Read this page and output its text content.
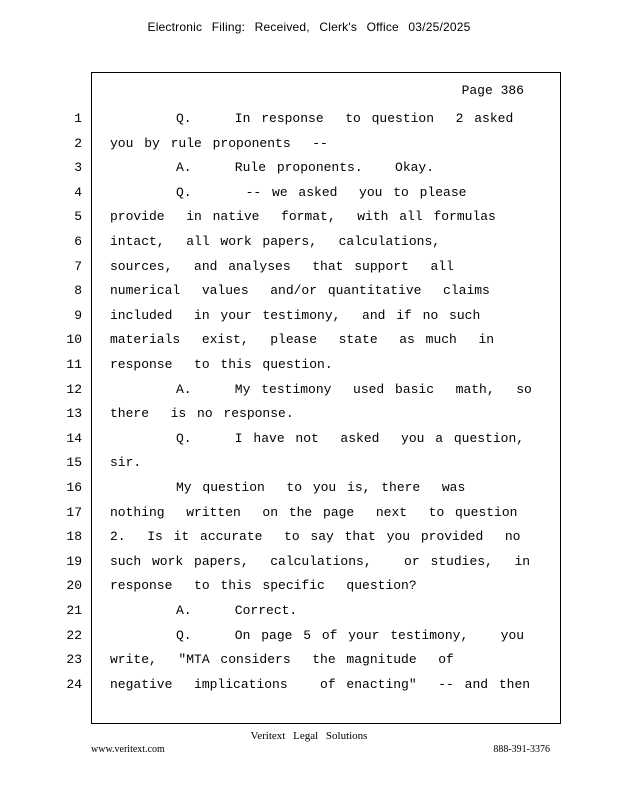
Electronic Filing: Received, Clerk's Office 03/25/2025
Page 386
1	Q.    In response  to question  2 asked
2 you by rule proponents  --
3	A.    Rule proponents.   Okay.
4	Q.     -- we asked  you to please
5 provide  in native  format,  with all formulas
6 intact,  all work papers,  calculations,
7 sources,  and analyses  that support  all
8 numerical  values  and/or quantitative  claims
9 included  in your testimony,  and if no such
10 materials  exist,  please  state  as much  in
11 response  to this question.
12	A.    My testimony  used basic  math,  so
13 there  is no response.
14	Q.    I have not  asked  you a question,
15 sir.
16	My question  to you is, there  was
17 nothing  written  on the page  next  to question
18 2.  Is it accurate  to say that you provided  no
19 such work papers,  calculations,   or studies,  in
20 response  to this specific  question?
21	A.    Correct.
22	Q.    On page 5 of your testimony,   you
23 write,  "MTA considers  the magnitude  of
24 negative  implications   of enacting"  -- and then
Veritext Legal Solutions
www.veritext.com	888-391-3376
